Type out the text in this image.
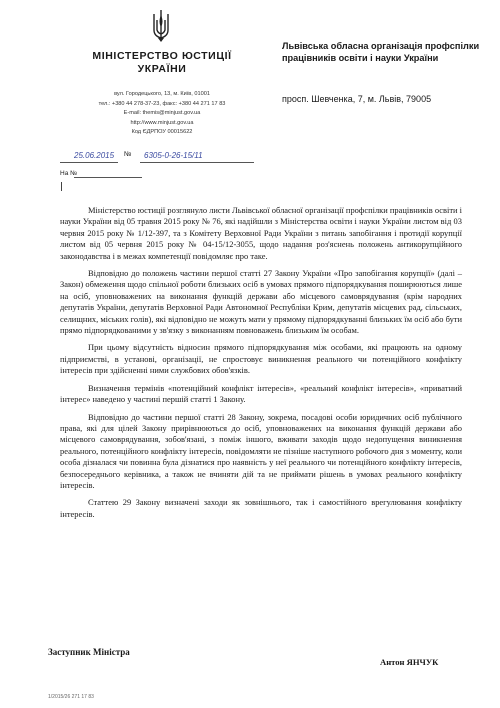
МІНІСТЕРСТВО ЮСТИЦІЇ
УКРАЇНИ
вул. Городецького, 13, м. Київ, 01001
тел.: +380 44 278-37-23, факс: +380 44 271 17 83
E-mail: themis@minjust.gov.ua
http://www.minjust.gov.ua
Код ЄДРПОУ 00015622
Львівська обласна організація профспілки працівників освіти і науки України
просп. Шевченка, 7, м. Львів, 79005
25.06.2015 № 6305-0-26-15/11
На №

Міністерство юстиції розглянуло листи Львівської обласної організації профспілки працівників освіти і науки України від 05 травня 2015 року № 76, які надійшли з Міністерства освіти і науки України листом від 03 червня 2015 року № 1/12-397, та з Комітету Верховної Ради України з питань запобігання і протидії корупції листом від 05 червня 2015 року № 04-15/12-3055, щодо надання роз'яснень положень антикорупційного законодавства і в межах компетенції повідомляє про таке.

Відповідно до положень частини першої статті 27 Закону України «Про запобігання корупції» (далі – Закон) обмеження щодо спільної роботи близьких осіб в умовах прямого підпорядкування поширюються лише на осіб, уповноважених на виконання функцій держави або місцевого самоврядування (крім народних депутатів України, депутатів Верховної Ради Автономної Республіки Крим, депутатів місцевих рад, сільських, селищних, міських голів), які відповідно не можуть мати у прямому підпорядкуванні близьких їм осіб або бути прямо підпорядкованими у зв'язку з виконанням повноважень близьким їм особам.

При цьому відсутність відносин прямого підпорядкування між особами, які працюють на одному підприємстві, в установі, організації, не спростовує виникнення реального чи потенційного конфлікту інтересів при здійсненні ними службових обов'язків.

Визначення термінів «потенційний конфлікт інтересів», «реальний конфлікт інтересів», «приватний інтерес» наведено у частині першій статті 1 Закону.

Відповідно до частини першої статті 28 Закону, зокрема, посадові особи юридичних осіб публічного права, які для цілей Закону прирівнюються до осіб, уповноважених на виконання функцій держави або місцевого самоврядування, зобов'язані, з поміж іншого, вживати заходів щодо недопущення виникнення реального, потенційного конфлікту інтересів, повідомляти не пізніше наступного робочого дня з моменту, коли особа дізналася чи повинна була дізнатися про наявність у неї реального чи потенційного конфлікту інтересів, безпосереднього керівника, а також не вчиняти дій та не приймати рішень в умовах реального конфлікту інтересів.

Статтею 29 Закону визначені заходи як зовнішнього, так і самостійного врегулювання конфлікту інтересів.

Заступник Міністра
Антон ЯНЧУК
1/2015/26 271 17 83
